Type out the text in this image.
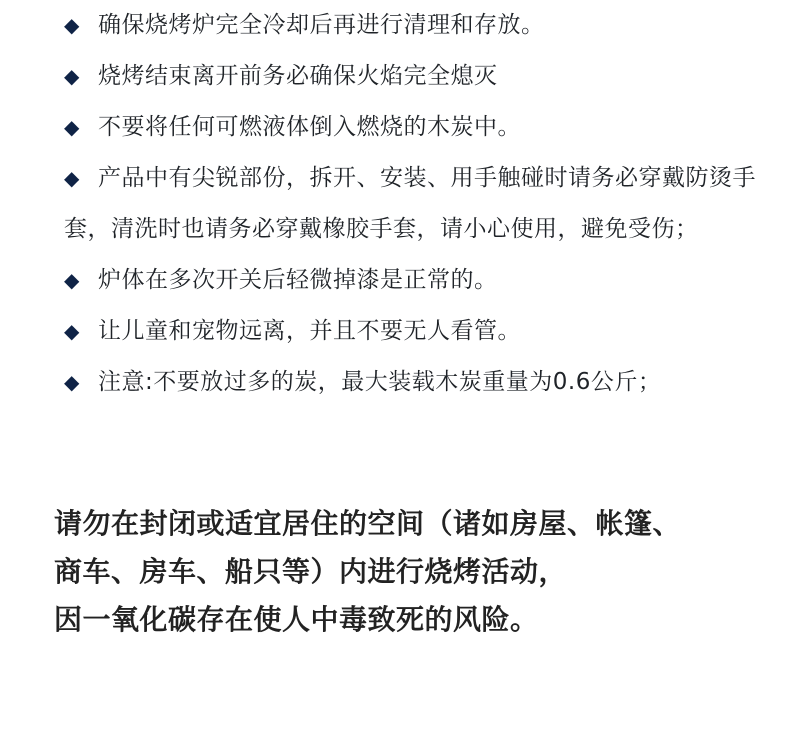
◆ 确保烧烤炉完全冷却后再进行清理和存放。
◆ 烧烤结束离开前务必确保火焰完全熄灭
◆ 不要将任何可燃液体倒入燃烧的木炭中。
◆ 产品中有尖锐部份，拆开、安装、用手触碰时请务必穿戴防烫手套，清洗时也请务必穿戴橡胶手套，请小心使用，避免受伤；
◆ 炉体在多次开关后轻微掉漆是正常的。
◆ 让儿童和宠物远离，并且不要无人看管。
◆ 注意:不要放过多的炭，最大装载木炭重量为0.6公斤；
请勿在封闭或适宜居住的空间（诸如房屋、帐篷、
商车、房车、船只等）内进行烧烤活动，
因一氧化碳存在使人中毒致死的风险。
